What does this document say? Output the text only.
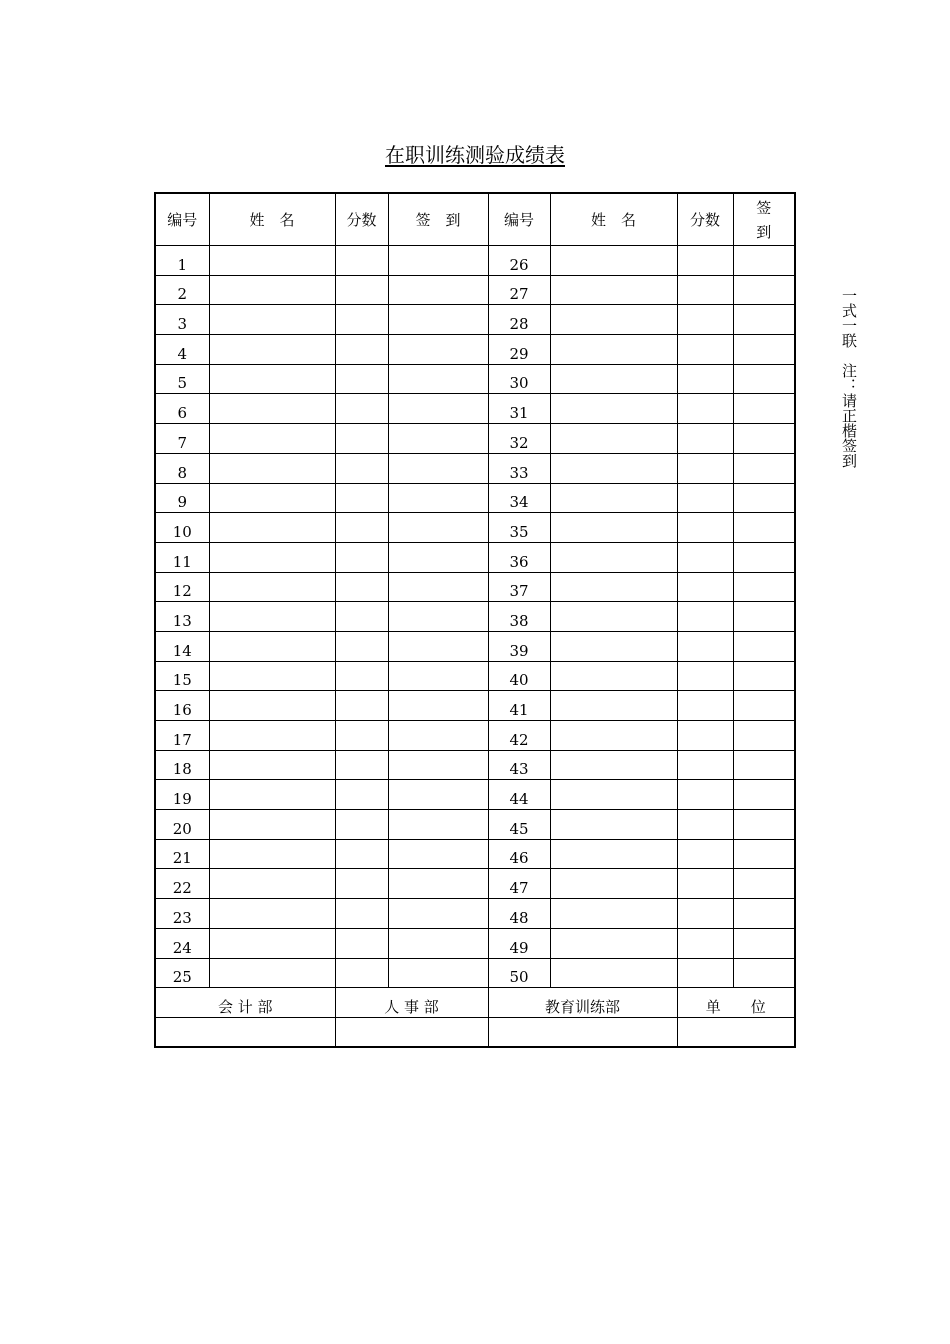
在职训练测验成绩表
编号	姓　名	分数	签　到	编号	姓　名	分数	签 到

1				26			
2				27			
3				28			
4				29			
5				30			
6				31			
7				32			
8				33			
9				34			
10				35			
11				36			
12				37			
13				38			
14				39			
15				40			
16				41			
17				42			
18				43			
19				44			
20				45			
21				46			
22				47			
23				48			
24				49			
25				50			
会 计 部		人 事 部		教育训练部		单　　位	

一式一联　注：请正楷签到
